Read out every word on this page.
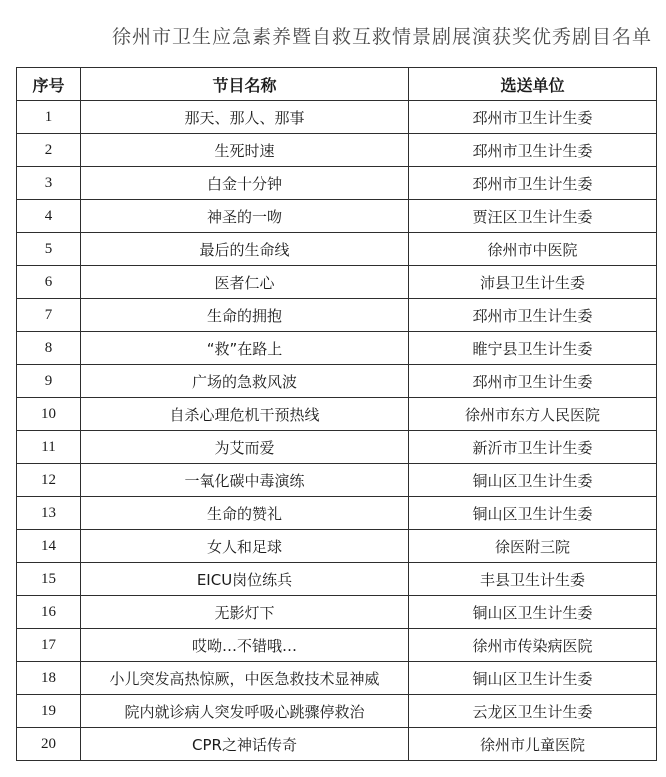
徐州市卫生应急素养暨自救互救情景剧展演获奖优秀剧目名单
序号	节目名称	选送单位
1	那天、那人、那事	邳州市卫生计生委
2	生死时速	邳州市卫生计生委
3	白金十分钟	邳州市卫生计生委
4	神圣的一吻	贾汪区卫生计生委
5	最后的生命线	徐州市中医院
6	医者仁心	沛县卫生计生委
7	生命的拥抱	邳州市卫生计生委
8	“救”在路上	睢宁县卫生计生委
9	广场的急救风波	邳州市卫生计生委
10	自杀心理危机干预热线	徐州市东方人民医院
11	为艾而爱	新沂市卫生计生委
12	一氧化碳中毒演练	铜山区卫生计生委
13	生命的赞礼	铜山区卫生计生委
14	女人和足球	徐医附三院
15	EICU岗位练兵	丰县卫生计生委
16	无影灯下	铜山区卫生计生委
17	哎呦…不错哦…	徐州市传染病医院
18	小儿突发高热惊厥，中医急救技术显神威	铜山区卫生计生委
19	院内就诊病人突发呼吸心跳骤停救治	云龙区卫生计生委
20	CPR之神话传奇	徐州市儿童医院
